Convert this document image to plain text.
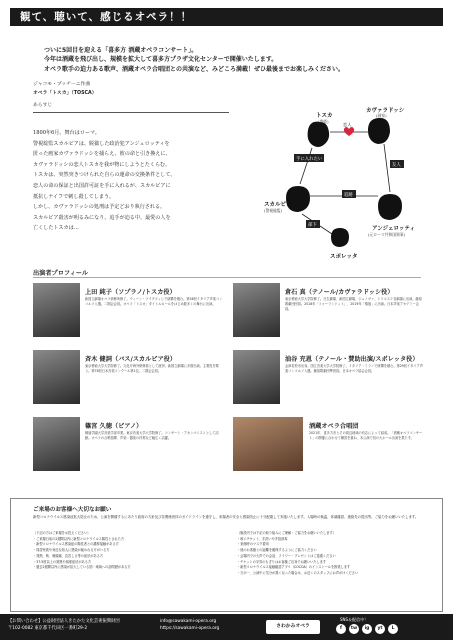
観て、聴いて、感じるオペラ！！
ついに5回目を迎える「喜多方 酒蔵オペラコンサート」。
今年は酒蔵を飛び出し、規模を拡大して喜多方プラザ文化センターで開催いたします。
オペラ歌手の迫力ある歌声、酒蔵オペラ合唱団との共演など、みどころ満載！ぜひ最後までお楽しみください。
ジャコモ・プッチーニ作曲
オペラ「トスカ」（TOSCA）
あらすじ
1800年6月、舞台はローマ。
警視総監スカルピアは、脱獄した政治犯アンジェロッティを
匿った画家カヴァラドッシを捕らえ、彼の命と引き換えに、
カヴァラドッシの恋人トスカを我が物にしようとたくらむ。
トスカは、突然突きつけられた自らの運命の交換条件として、
恋人の命の保証と出国許可証を手に入れるが、スカルピアに
抵抗しナイフで刺し殺してしまう。
しかし、カヴァラドッシの処刑は予定どおり執行される。
スカルピア殺害が明るみになり、追手が迫る中、最愛の人を
亡くしたトスカは…
トスカ
カヴァラドッシ
スカルピア
アンジェロッティ
スポレッタ
(歌姫)
(画家)
(警視総監)
(元ローマ共和国領事)
手に入れたい
追跡
友人
部下
恋人
出演者プロフィール
上田 純子（ソプラノ/トスカ役）
新国立劇場オペラ研修所修了。ウィーン・ライプツィヒで研鑽を積む。第38回イタリア声楽コンコルソ入選。二期会会員。オペラ「トスカ」タイトルロールをはじめ数多くの舞台に出演。
倉石 真（テノール/カヴァラドッシ役）
東京藝術大学大学院修了。日生劇場、新国立劇場、ジュノヴァ、トリエステ各劇場に出演。藤原歌劇団団員。2018年「トゥーランドット」、2019年「椿姫」に出演。日本声楽アカデミー会員。
斉木 健詞（バス/スカルピア役）
東京藝術大学大学院修了。文化庁海外研修員として渡伊。新国立劇場に多数出演。主要役を歌う。第78回日本音楽コンクール第1位。二期会会員。
油谷 充恩（テノール・賛助出演/スポレッタ役）
会津若松市出身。国立音楽大学大学院修了。イタリア・ミラノで研鑽を積む。第29回イタリア声楽コンコルソ入選。藤原歌劇団準団員。日本オペラ協会会員。
篠宮 久徳（ピアノ）
桐朋学園大学音楽学部卒業。東京音楽大学大学院修了。コンサート・アカンパニストとして活動。オペラの合唱指揮、声楽・器楽の伴奏など幅広く活躍。
酒蔵オペラ合唱団
2021年、喜多方市とその周辺地域の有志によって結成。「酒蔵オペラコンサート」の開催に合わせて練習を重ね、本公演で初の大ホール出演を果たす。
ご来場のお客様へ大切なお願い
新型コロナウイルス感染症拡大防止のため、公演を開催するにあたり政府の方針及び各関係団体のガイドラインを遵守し、来場者の安全と感染防止に十分配慮して実施いたします。入場時の検温、体調確認、連絡先の提出等、ご協力をお願いいたします。
（下記の方はご来場をお控えください）
・ご来場日前の2週間以内に新型コロナウイルス陽性とされた方
・新型コロナウイルス感染症の陽性者との濃厚接触がある方
・同居家族や身近な知人に感染が疑われる方がいる方
・発熱、咳、咽頭痛、息苦しさ等の症状がある方
・37.5度以上の発熱や風邪症状がある方
・過去2週間以内に感染が拡大している国・地域への訪問歴がある方
（施設内では下記の取り組みにご理解・ご協力をお願いいたします）
・咳エチケット、手洗いや手指消毒
・来館時のマスク着用
・他のお客様との距離を確保するようにご協力ください
・会場内での大声での会話、フラワー・プレゼントはご遠慮ください
・チケットの半券のもぎりはお客様ご自身でお願いいたします
・新型コロナウイルス接触確認アプリ（COCOA）のインストールを推奨します
・万が一、公演中に気分が悪くなった場合は、お近くのスタッフにお声がけください
【お問い合わせ】公益財団法人きたかた文化芸術振興財団
〒102-0082 東京都千代田区一番町29-2
info@sawakami-opera.org
https://sawakami-opera.org	さわかみオペラ
SNS＆配信中！
f	tw	ig	yt	L
